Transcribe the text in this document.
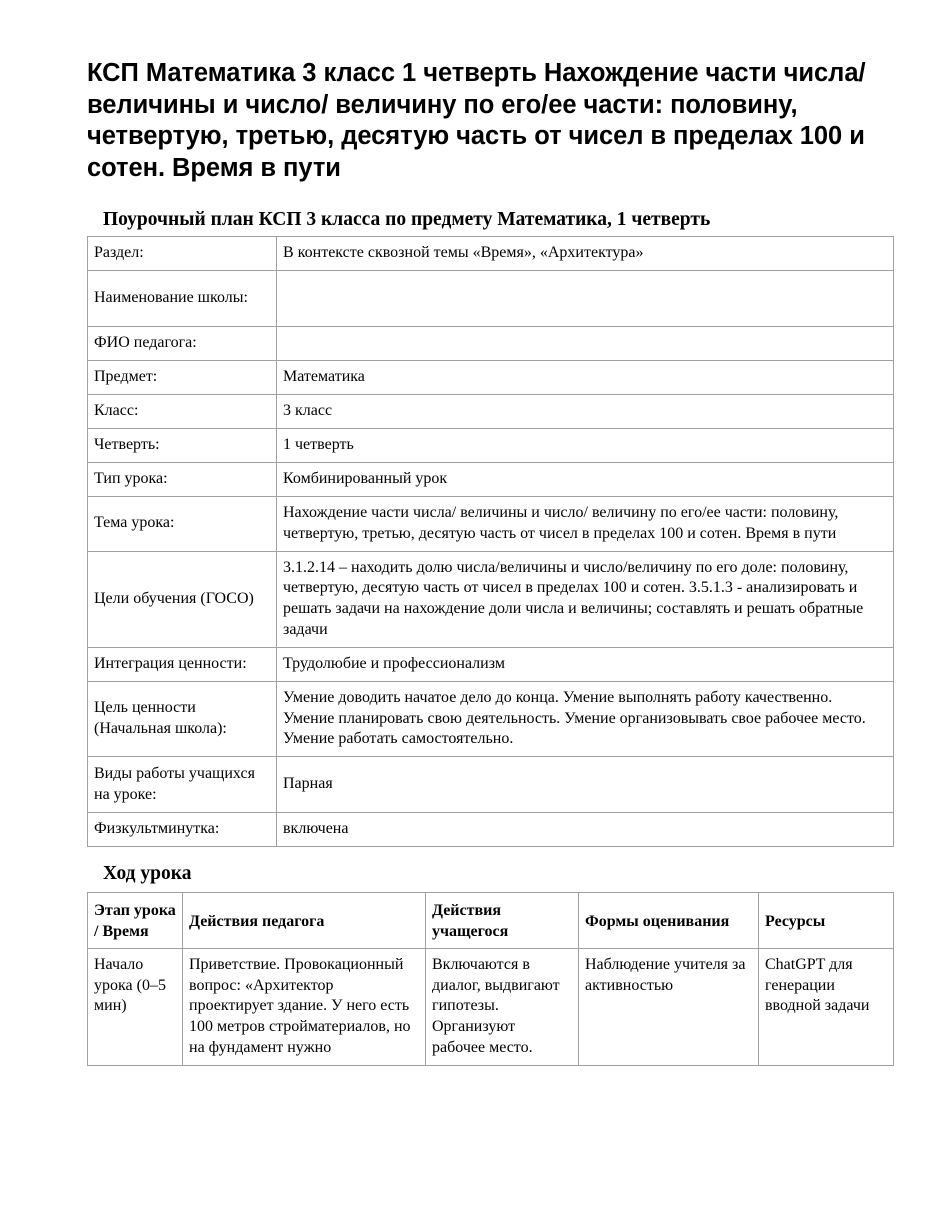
КСП Математика 3 класс 1 четверть Нахождение части числа/ величины и число/ величину по его/ее части: половину, четвертую, третью, десятую часть от чисел в пределах 100 и сотен. Время в пути
Поурочный план КСП 3 класса по предмету Математика, 1 четверть
Раздел:	В контексте сквозной темы «Время», «Архитектура»
Наименование школы:	
ФИО педагога:	
Предмет:	Математика
Класс:	3 класс
Четверть:	1 четверть
Тип урока:	Комбинированный урок
Тема урока:	Нахождение части числа/ величины и число/ величину по его/ее части: половину, четвертую, третью, десятую часть от чисел в пределах 100 и сотен. Время в пути
Цели обучения (ГОСО)	3.1.2.14 – находить долю числа/величины и число/величину по его доле: половину, четвертую, десятую часть от чисел в пределах 100 и сотен. 3.5.1.3 - анализировать и решать задачи на нахождение доли числа и величины; составлять и решать обратные задачи
Интеграция ценности:	Трудолюбие и профессионализм
Цель ценности (Начальная школа):	Умение доводить начатое дело до конца. Умение выполнять работу качественно. Умение планировать свою деятельность. Умение организовывать свое рабочее место. Умение работать самостоятельно.
Виды работы учащихся на уроке:	Парная
Физкультминутка:	включена
Ход урока
Этап урока / Время	Действия педагога	Действия учащегося	Формы оценивания	Ресурсы
Начало урока (0–5 мин)	Приветствие. Провокационный вопрос: «Архитектор проектирует здание. У него есть 100 метров стройматериалов, но на фундамент нужно	Включаются в диалог, выдвигают гипотезы. Организуют рабочее место.	Наблюдение учителя за активностью	ChatGPT для генерации вводной задачи
